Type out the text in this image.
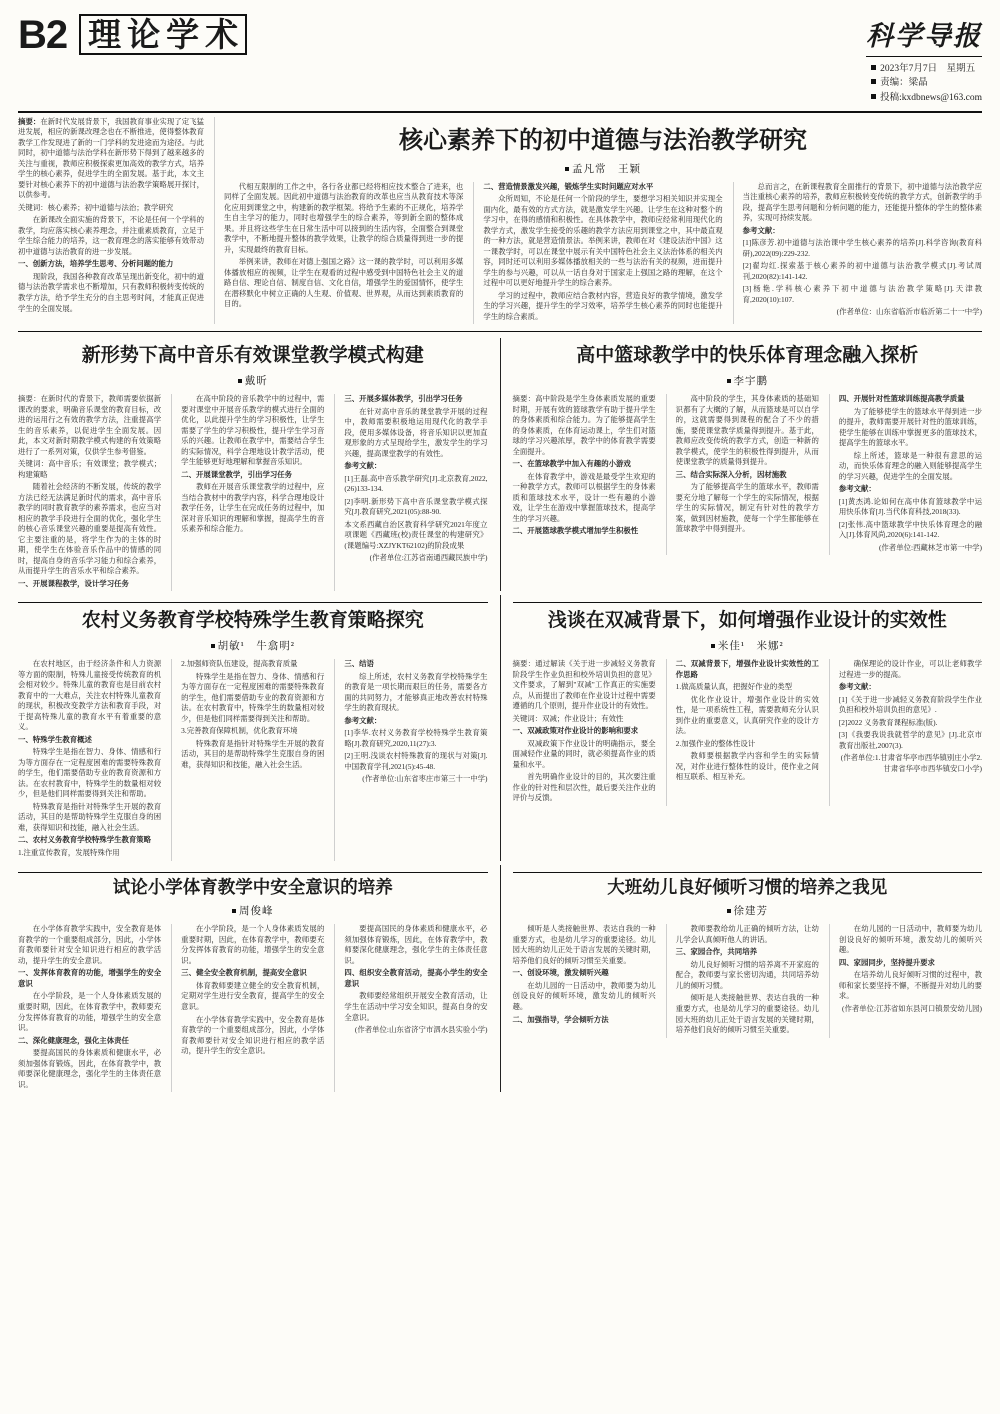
B2 理 论 学 术	科学导报
2023年7月7日　星期五
责编：梁晶
投稿:kxdbnews@163.com

摘要：在新时代发展背景下，我国教育事业实现了定飞猛进发展，相应的新课改理念也在不断推进，使得整体教育教学工作发现进了新的一门学科的发进途而为途径。与此同时，初中道德与法治学科在新形势下得到了越来越多的关注与重视，教师应积极探索更加高效的教学方式，培养学生的核心素养，促进学生的全面发展。基于此，本文主要针对核心素养下的初中道德与法治教学策略展开探讨，以供参考。

关键词：核心素养；初中道德与法治；教学研究

在新课改全面实施的背景下，不论是任何一个学科的教学，均应落实核心素养理念，并注重素质教育，立足于学生综合能力的培养，这一教育理念的落实能够有效带动初中道德与法治教育的进一步发展。

一、创新方法，培养学生思考、分析问题的能力

现阶段，我国各种教育改革呈现出新变化，初中的道德与法治教学需求也不断增加，只有教师积极转变传统的教学方法，给予学生充分的自主思考时间，才能真正促进学生的全面发展。

核心素养下的初中道德与法治教学研究
孟凡常　王颖

代相互限制的工作之中，各行各业都已经将相应技术整合了进来，也同样了全面发展。因此初中道德与法治教育的改革也应当从教育技术等深化应用到课堂之中，构建新的教学框架。将给予生素的不正规化，培养学生自主学习的能力，同时也增强学生的综合素养，等到新全面的整体成果。并且将这些学生在日常生活中可以接到的生活内容，全面整合到课堂教学中，不断地提升整体的教学效果，让教学的综合质量得到进一步的提升，实现最终的教育目标。

举例来讲，教师在对德上强国之路》这一课的教学时，可以利用多媒体播放相应的视频，让学生在观看的过程中感受到中国特色社会主义的道路自信、理论自信、制度自信、文化自信，增强学生的爱国情怀，使学生在潜移默化中树立正确的人生观、价值观、世界观，从而达到素质教育的目的。

二、营造情景激发兴趣，锻炼学生实时问题应对水平

众所周知，不论是任何一个阶段的学生，要想学习相关知识并实现全面内化，最有效的方式方法，就是激发学生兴趣。让学生在这种对整个的学习中，在得的感情和积极性。在具体教学中，教师应经常利用现代化的教学方式，激发学生接受的乐趣的教学方法应用到课堂之中，其中最直观的一种方法，就是营造情景法。举例来讲，教师在对《建设法治中国》这一课教学时，可以在课堂中展示有关中国特色社会主义法治体系的相关内容，同时还可以利用多媒体播放相关的一些与法治有关的视频，进而提升学生的参与兴趣，可以从一话自身对于国家走上强国之路的理解，在这个过程中可以更好地提升学生的综合素养。

学习的过程中，教师应结合教材内容，营造良好的教学情境，激发学生的学习兴趣，提升学生的学习效率，培养学生核心素养的同时也能提升学生的综合素质。

总而言之，在新课程教育全面推行的背景下，初中道德与法治教学应当注重核心素养的培养，教师应积极转变传统的教学方式，创新教学的手段，提高学生思考问题和分析问题的能力，还能提升整体的学生的整体素养，实现可持续发展。

参考文献：

[1]陈彦芳.初中道德与法治课中学生核心素养的培养[J].科学咨询(教育科研),2022(09):229-232.

[2]翟均红.探索基于核心素养的初中道德与法治教学模式[J].考试周刊,2020(82):141-142.

[3]杨艳.学科核心素养下初中道德与法治教学策略[J].天津教育,2020(10):107.

(作者单位：山东省临沂市临沂第二十一中学)

新形势下高中音乐有效课堂教学模式构建
戴昕

摘要：在新时代的背景下，教师需要依据新课改的要求，明确音乐课堂的教育目标，改进的运用行之有效的教学方法，注重提高学生的音乐素养，以促进学生全面发展。因此，本文对新时期教学模式构建的有效策略进行了一系列对策，仅供学生参考借鉴。

关键词：高中音乐；有效课堂；教学模式；构建策略

随着社会经济的不断发展，传统的教学方法已经无法满足新时代的需求，高中音乐教学的同时教育教学的素养需求，也应当对相应的教学手段进行全面的优化，强化学生的核心音乐课堂兴趣的重要是提高有效性。它主要注重的是，将学生作为的主体的时期，使学生在体验音乐作品中的情感的同时，提高自身的音乐学习能力和综合素养，从而提升学生的音乐水平和综合素养。

一、开展课程教学，设计学习任务

在高中阶段的音乐教学中的过程中，需要对课堂中开展音乐教学的模式进行全面的优化，以此提升学生的学习积极性，让学生需要了学生的学习积极性，提升学生学习音乐的兴趣。让教师在教学中，需要结合学生的实际情况，科学合理地设计教学活动，使学生能够更好地理解和掌握音乐知识。

二、开展课堂教学，引出学习任务

教师在开展音乐课堂教学的过程中，应当结合教材中的教学内容，科学合理地设计教学任务，让学生在完成任务的过程中，加深对音乐知识的理解和掌握，提高学生的音乐素养和综合能力。

三、开展多媒体教学，引出学习任务

在针对高中音乐的课堂教学开展的过程中，教师需要积极地运用现代化的教学手段，使用多媒体设备，将音乐知识以更加直观形象的方式呈现给学生，激发学生的学习兴趣，提高课堂教学的有效性。

参考文献：

[1]王磊.高中音乐教学研究[J].北京教育,2022,(26)133-134.

[2]李明.新形势下高中音乐课堂教学模式探究[J].教育研究,2021(05):88-90.

本文系西藏自治区教育科学研究2021年度立项课题《西藏班(校)责任课堂的构建研究》(课题编号:XZJYKT62102)的阶段成果

(作者单位:江苏省南通西藏民族中学)

高中篮球教学中的快乐体育理念融入探析
李宇鹏

摘要：高中阶段是学生身体素质发展的重要时期，开展有效的篮球教学有助于提升学生的身体素质和综合能力。为了能够提高学生的身体素质，在体育运动课上，学生们对篮球的学习兴趣浓厚，教学中的体育教学需要全面提升。

一、在篮球教学中加入有趣的小游戏

在体育教学中，游戏是最受学生欢迎的一种教学方式，教师可以根据学生的身体素质和篮球技术水平，设计一些有趣的小游戏，让学生在游戏中掌握篮球技术，提高学生的学习兴趣。

二、开展篮球教学模式增加学生积极性

高中阶段的学生，其身体素质的基础知识都有了大概的了解，从而篮球是可以自学的，这就需要得到课程的配合了不少的措施，要使课堂教学质量得到提升。基于此，教师应改变传统的教学方式，创造一种新的教学模式，使学生的积极性得到提升，从而使课堂教学的质量得到提升。

三、结合实际深入分析，因材施教

为了能够提高学生的篮球水平，教师需要充分地了解每一个学生的实际情况，根据学生的实际情况，制定有针对性的教学方案，做到因材施教，使每一个学生都能够在篮球教学中得到提升。

四、开展针对性篮球训练提高教学质量

为了能够使学生的篮球水平得到进一步的提升，教师需要开展针对性的篮球训练，使学生能够在训练中掌握更多的篮球技术，提高学生的篮球水平。

综上所述，篮球是一种很有意思的运动，而快乐体育理念的融入则能够提高学生的学习兴趣，促进学生的全面发展。

参考文献：

[1]黄杰鸿.论如何在高中体育篮球教学中运用快乐体育[J].当代体育科技,2018(33).

[2]张伟.高中篮球教学中快乐体育理念的融入[J].体育风尚,2020(6):141-142.

(作者单位:西藏林芝市第一中学)

农村义务教育学校特殊学生教育策略探究
胡敏¹　牛翕明²

在农村地区，由于经济条件和人力资源等方面的限制，特殊儿童接受传统教育的机会相对较少。特殊儿童的教育也是目前农村教育中的一大难点，关注农村特殊儿童教育的现状，积极改变教学方法和教育手段，对于提高特殊儿童的教育水平有着重要的意义。

一、特殊学生教育概述

特殊学生是指在智力、身体、情感和行为等方面存在一定程度困难的需要特殊教育的学生，他们需要借助专业的教育资源和方法。在农村教育中，特殊学生的数量相对较少，但是他们同样需要得到关注和帮助。

特殊教育是指针对特殊学生开展的教育活动，其目的是帮助特殊学生克服自身的困难，获得知识和技能，融入社会生活。

二、农村义务教育学校特殊学生教育策略

1.注重宣传教育，发展特殊作用

2.加强师资队伍建设，提高教育质量

特殊学生是指在智力、身体、情感和行为等方面存在一定程度困难的需要特殊教育的学生，他们需要借助专业的教育资源和方法。在农村教育中，特殊学生的数量相对较少，但是他们同样需要得到关注和帮助。

3.完善教育保障机制，优化教育环境

特殊教育是指针对特殊学生开展的教育活动，其目的是帮助特殊学生克服自身的困难，获得知识和技能，融入社会生活。

三、结语

综上所述，农村义务教育学校特殊学生的教育是一项长期而艰巨的任务，需要各方面的共同努力，才能够真正地改善农村特殊学生的教育现状。

参考文献：

[1]李华.农村义务教育学校特殊学生教育策略[J].教育研究,2020,11(27):3.

[2]王明.浅谈农村特殊教育的现状与对策[J].中国教育学刊,2021(5):45-48.

(作者单位:山东省枣庄市第三十一中学)

浅谈在双减背景下，如何增强作业设计的实效性
米佳¹　米娜²

摘要：通过解读《关于进一步减轻义务教育阶段学生作业负担和校外培训负担的意见》文件要求，了解到"双减"工作真正的实施要点，从而提出了教师在作业设计过程中需要遵循的几个原则，提升作业设计的有效性。

关键词：双减；作业设计；有效性

一、双减政策对作业设计的影响和要求

双减政策下作业设计的明确指示，要全面减轻作业量的同时，就必须提高作业的质量和水平。

首先明确作业设计的目的，其次要注重作业的针对性和层次性，最后要关注作业的评价与反馈。

二、双减背景下，增强作业设计实效性的工作思路

1.做高质量认真，把握好作业的类型

优化作业设计，增强作业设计的实效性，是一项系统性工程，需要教师充分认识到作业的重要意义，认真研究作业的设计方法。

2.加强作业的整体性设计

教师要根据教学内容和学生的实际情况，对作业进行整体性的设计，使作业之间相互联系、相互补充。

确保理论的设计作业，可以让老师教学过程进一步的提高。

参考文献：

[1]《关于进一步减轻义务教育阶段学生作业负担和校外培训负担的意见》.

[2]2022 义务教育课程标准(版).

[3]《我要我说我就哲学的意见》[J].北京市教育出版社,2007(3).

(作者单位:1.甘肃省华亭市西华镇别庄小学2.甘肃省华亭市西华镇安口小学)

试论小学体育教学中安全意识的培养
周俊峰

在小学体育教学实践中，安全教育是体育教学的一个重要组成部分，因此，小学体育教师要针对安全知识进行相应的教学活动，提升学生的安全意识。

一、发挥体育教育的功能，增强学生的安全意识

在小学阶段，是一个人身体素质发展的重要时期，因此，在体育教学中，教师要充分发挥体育教育的功能，增强学生的安全意识。

二、深化健康理念，强化主体责任

要提高国民的身体素质和健康水平，必须加强体育锻炼，因此，在体育教学中，教师要深化健康理念，强化学生的主体责任意识。

在小学阶段，是一个人身体素质发展的重要时期，因此，在体育教学中，教师要充分发挥体育教育的功能，增强学生的安全意识。

三、健全安全教育机制，提高安全意识

体育教师要建立健全的安全教育机制，定期对学生进行安全教育，提高学生的安全意识。

在小学体育教学实践中，安全教育是体育教学的一个重要组成部分，因此，小学体育教师要针对安全知识进行相应的教学活动，提升学生的安全意识。

要提高国民的身体素质和健康水平，必须加强体育锻炼，因此，在体育教学中，教师要深化健康理念，强化学生的主体责任意识。

四、组织安全教育活动，提高小学生的安全意识

教师要经常组织开展安全教育活动，让学生在活动中学习安全知识，提高自身的安全意识。

(作者单位:山东省济宁市泗水县实验小学)

大班幼儿良好倾听习惯的培养之我见
徐建芳

倾听是人类接触世界、表达自我的一种重要方式，也是幼儿学习的重要途径。幼儿园大班的幼儿正处于语言发展的关键时期，培养他们良好的倾听习惯至关重要。

一、创设环境，激发倾听兴趣

在幼儿园的一日活动中，教师要为幼儿创设良好的倾听环境，激发幼儿的倾听兴趣。

二、加强指导，学会倾听方法

教师要教给幼儿正确的倾听方法，让幼儿学会认真倾听他人的讲话。

三、家园合作，共同培养

幼儿良好倾听习惯的培养离不开家庭的配合，教师要与家长密切沟通，共同培养幼儿的倾听习惯。

倾听是人类接触世界、表达自我的一种重要方式，也是幼儿学习的重要途径。幼儿园大班的幼儿正处于语言发展的关键时期，培养他们良好的倾听习惯至关重要。

在幼儿园的一日活动中，教师要为幼儿创设良好的倾听环境，激发幼儿的倾听兴趣。

四、家园同步，坚持提升要求

在培养幼儿良好倾听习惯的过程中，教师和家长要坚持不懈，不断提升对幼儿的要求。

(作者单位:江苏省如东县河口镇景安幼儿园)
